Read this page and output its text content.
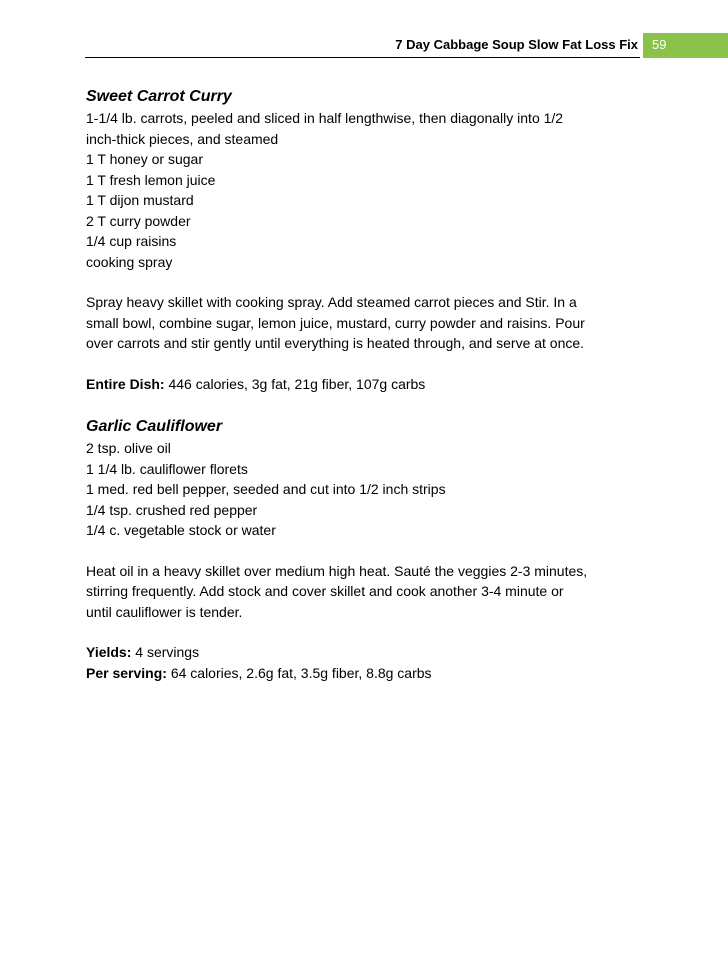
7 Day Cabbage Soup Slow Fat Loss Fix 59
Sweet Carrot Curry
1-1/4 lb. carrots, peeled and sliced in half lengthwise, then diagonally into 1/2
inch-thick pieces, and steamed
1 T honey or sugar
1 T fresh lemon juice
1 T dijon mustard
2 T curry powder
1/4 cup raisins
cooking spray
Spray heavy skillet with cooking spray. Add steamed carrot pieces and Stir. In a
small bowl, combine sugar, lemon juice, mustard, curry powder and raisins. Pour
over carrots and stir gently until everything is heated through, and serve at once.
Entire Dish: 446 calories, 3g fat, 21g fiber, 107g carbs
Garlic Cauliflower
2 tsp. olive oil
1 1/4 lb. cauliflower florets
1 med. red bell pepper, seeded and cut into 1/2 inch strips
1/4 tsp. crushed red pepper
1/4 c. vegetable stock or water
Heat oil in a heavy skillet over medium high heat. Sauté the veggies 2-3 minutes,
stirring frequently. Add stock and cover skillet and cook another 3-4 minute or
until cauliflower is tender.
Yields: 4 servings
Per serving: 64 calories, 2.6g fat, 3.5g fiber, 8.8g carbs
